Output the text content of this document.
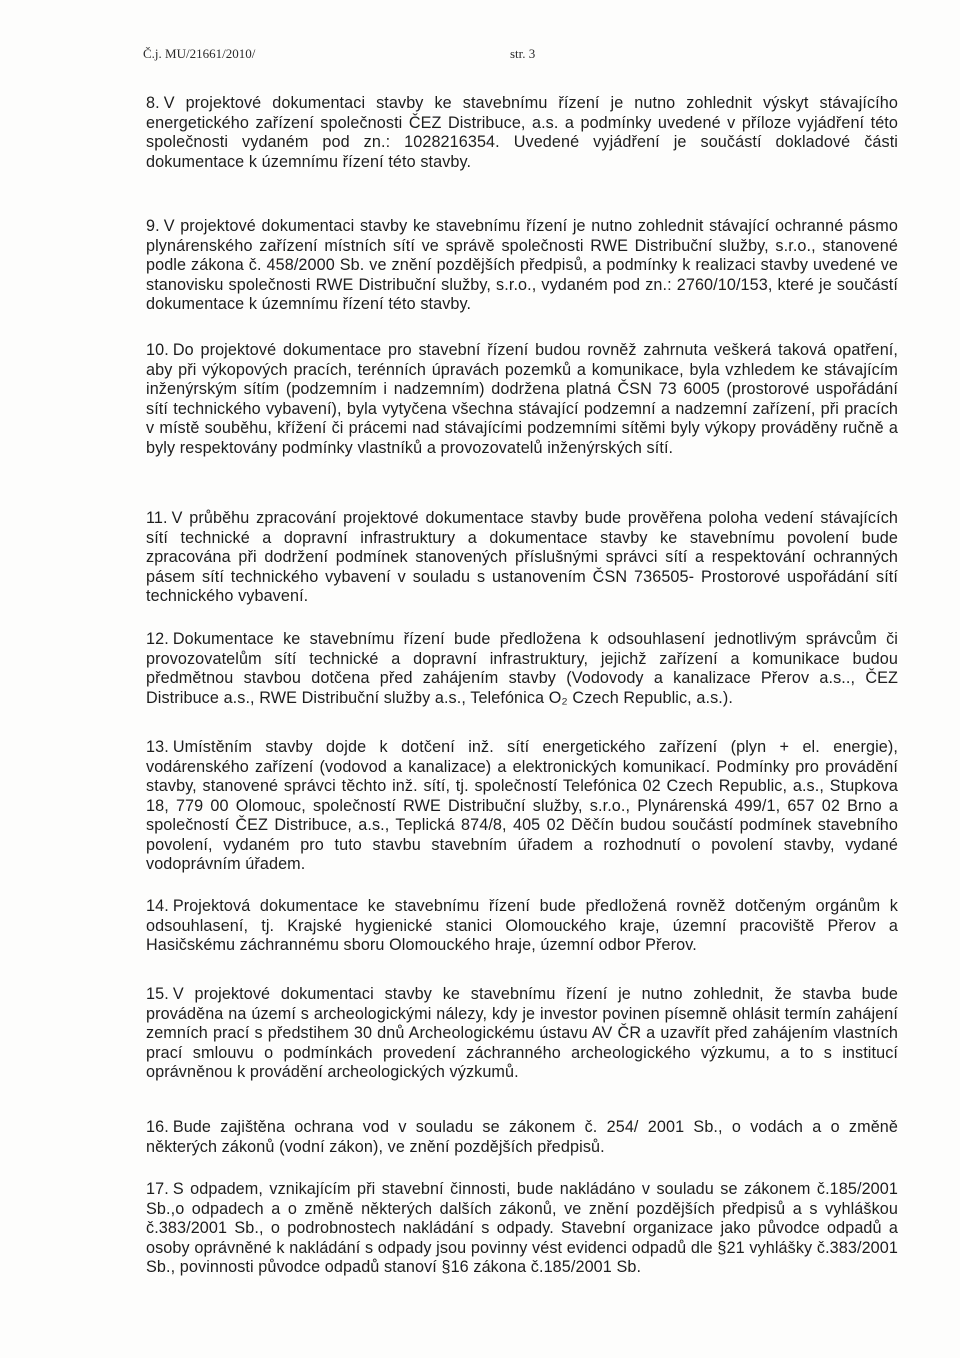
Č.j. MU/21661/2010/	str. 3

8. V projektové dokumentaci stavby ke stavebnímu řízení je nutno zohlednit výskyt stávajícího energetického zařízení společnosti ČEZ Distribuce, a.s. a podmínky uvedené v příloze vyjádření této společnosti vydaném pod zn.: 1028216354. Uvedené vyjádření je součástí dokladové části dokumentace k územnímu řízení této stavby.

9. V projektové dokumentaci stavby ke stavebnímu řízení je nutno zohlednit stávající ochranné pásmo plynárenského zařízení místních sítí ve správě společnosti RWE Distribuční služby, s.r.o., stanovené podle zákona č. 458/2000 Sb. ve znění pozdějších předpisů, a podmínky k realizaci stavby uvedené ve stanovisku společnosti RWE Distribuční služby, s.r.o., vydaném pod zn.: 2760/10/153, které je součástí dokumentace k územnímu řízení této stavby.

10. Do projektové dokumentace pro stavební řízení budou rovněž zahrnuta veškerá taková opatření, aby při výkopových pracích, terénních úpravách pozemků a komunikace, byla vzhledem ke stávajícím inženýrským sítím (podzemním i nadzemním) dodržena platná ČSN 73 6005 (prostorové uspořádání sítí technického vybavení), byla vytyčena všechna stávající podzemní a nadzemní zařízení, při pracích v místě souběhu, křížení či prácemi nad stávajícími podzemními sítěmi byly výkopy prováděny ručně a byly respektovány podmínky vlastníků a provozovatelů inženýrských sítí.

11. V průběhu zpracování projektové dokumentace stavby bude prověřena poloha vedení stávajících sítí technické a dopravní infrastruktury a dokumentace stavby ke stavebnímu povolení bude zpracována při dodržení podmínek stanovených příslušnými správci sítí a respektování ochranných pásem sítí technického vybavení v souladu s ustanovením ČSN 736505- Prostorové uspořádání sítí technického vybavení.

12. Dokumentace ke stavebnímu řízení bude předložena k odsouhlasení jednotlivým správcům či provozovatelům sítí technické a dopravní infrastruktury, jejichž zařízení a komunikace budou předmětnou stavbou dotčena před zahájením stavby (Vodovody a kanalizace Přerov a.s.., ČEZ Distribuce a.s., RWE Distribuční služby a.s., Telefónica O₂ Czech Republic, a.s.).

13. Umístěním stavby dojde k dotčení inž. sítí energetického zařízení (plyn + el. energie), vodárenského zařízení (vodovod a kanalizace) a elektronických komunikací. Podmínky pro provádění stavby, stanovené správci těchto inž. sítí, tj. společností Telefónica 02 Czech Republic, a.s., Stupkova 18, 779 00 Olomouc, společností RWE Distribuční služby, s.r.o., Plynárenská 499/1, 657 02 Brno a společností ČEZ Distribuce, a.s., Teplická 874/8, 405 02 Děčín budou součástí podmínek stavebního povolení, vydaném pro tuto stavbu stavebním úřadem a rozhodnutí o povolení stavby, vydané vodoprávním úřadem.

14. Projektová dokumentace ke stavebnímu řízení bude předložená rovněž dotčeným orgánům k odsouhlasení, tj. Krajské hygienické stanici Olomouckého kraje, územní pracoviště Přerov a Hasičskému záchrannému sboru Olomouckého hraje, územní odbor Přerov.

15. V projektové dokumentaci stavby ke stavebnímu řízení je nutno zohlednit, že stavba bude prováděna na území s archeologickými nálezy, kdy je investor povinen písemně ohlásit termín zahájení zemních prací s předstihem 30 dnů Archeologickému ústavu AV ČR a uzavřít před zahájením vlastních prací smlouvu o podmínkách provedení záchranného archeologického výzkumu, a to s institucí oprávněnou k provádění archeologických výzkumů.

16. Bude zajištěna ochrana vod v souladu se zákonem č. 254/ 2001 Sb., o vodách a o změně některých zákonů (vodní zákon), ve znění pozdějších předpisů.

17. S odpadem, vznikajícím při stavební činnosti, bude nakládáno v souladu se zákonem č.185/2001 Sb.,o odpadech a o změně některých dalších zákonů, ve znění pozdějších předpisů a s vyhláškou č.383/2001 Sb., o podrobnostech nakládání s odpady. Stavební organizace jako původce odpadů a osoby oprávněné k nakládání s odpady jsou povinny vést evidenci odpadů dle §21 vyhlášky č.383/2001 Sb., povinnosti původce odpadů stanoví §16 zákona č.185/2001 Sb.
